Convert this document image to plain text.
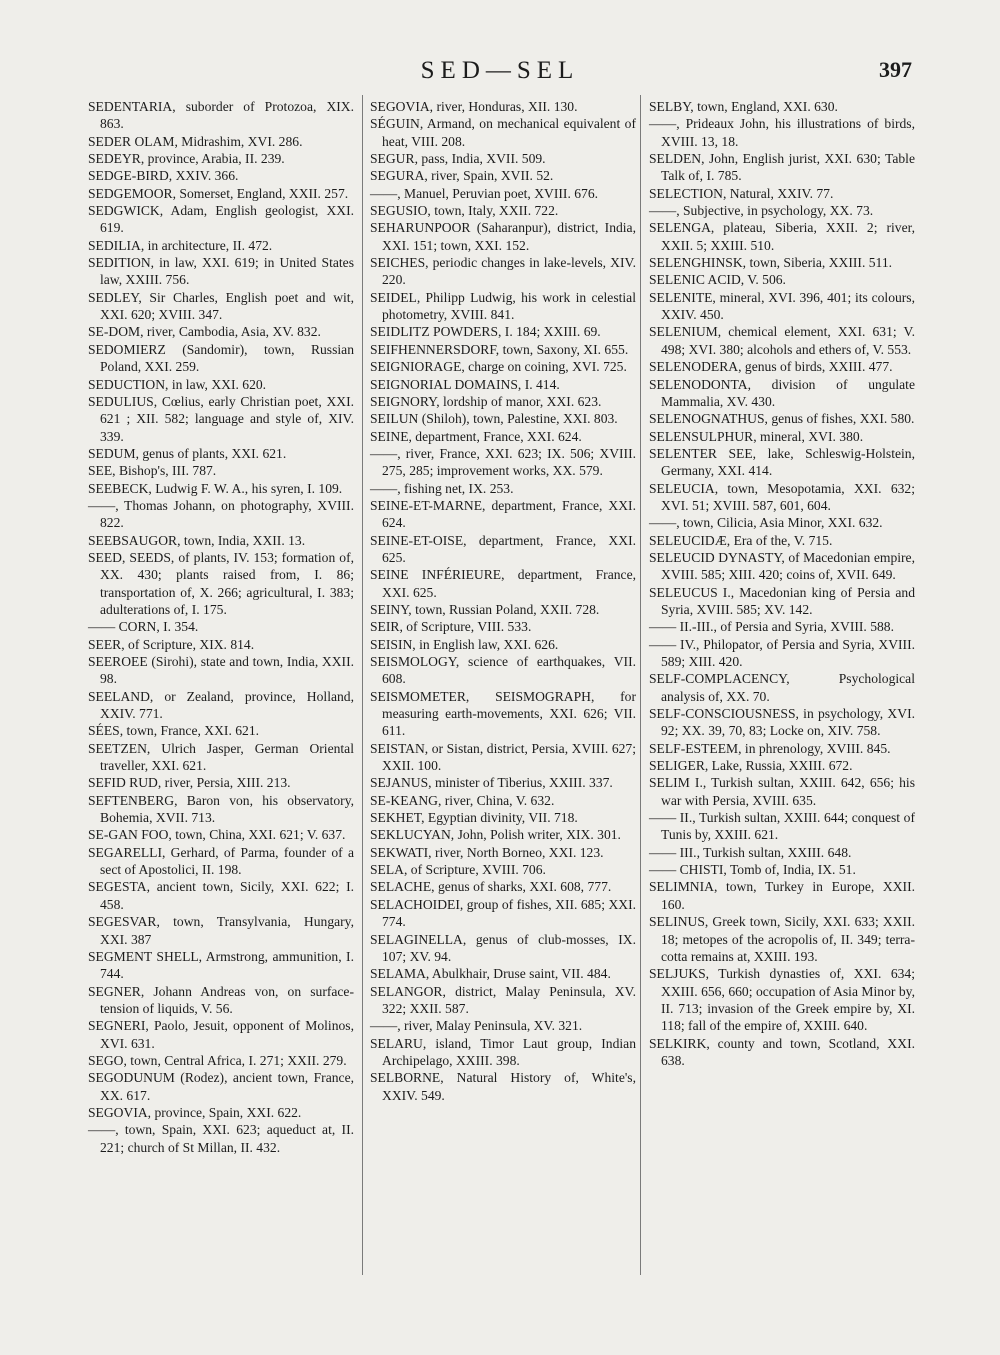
SED—SEL	397

SEDENTARIA, suborder of Protozoa, XIX. 863.

SEDER OLAM, Midrashim, XVI. 286.

SEDEYR, province, Arabia, II. 239.

SEDGE-BIRD, XXIV. 366.

SEDGEMOOR, Somerset, England, XXII. 257.

SEDGWICK, Adam, English geologist, XXI. 619.

SEDILIA, in architecture, II. 472.

SEDITION, in law, XXI. 619; in United States law, XXIII. 756.

SEDLEY, Sir Charles, English poet and wit, XXI. 620; XVIII. 347.

SE-DOM, river, Cambodia, Asia, XV. 832.

SEDOMIERZ (Sandomir), town, Russian Poland, XXI. 259.

SEDUCTION, in law, XXI. 620.

SEDULIUS, Cœlius, early Christian poet, XXI. 621 ; XII. 582; language and style of, XIV. 339.

SEDUM, genus of plants, XXI. 621.

SEE, Bishop's, III. 787.

SEEBECK, Ludwig F. W. A., his syren, I. 109.

——, Thomas Johann, on photography, XVIII. 822.

SEEBSAUGOR, town, India, XXII. 13.

SEED, SEEDS, of plants, IV. 153; formation of, XX. 430; plants raised from, I. 86; transportation of, X. 266; agricultural, I. 383; adulterations of, I. 175.

—— CORN, I. 354.

SEER, of Scripture, XIX. 814.

SEEROEE (Sirohi), state and town, India, XXII. 98.

SEELAND, or Zealand, province, Holland, XXIV. 771.

SÉES, town, France, XXI. 621.

SEETZEN, Ulrich Jasper, German Oriental traveller, XXI. 621.

SEFID RUD, river, Persia, XIII. 213.

SEFTENBERG, Baron von, his observatory, Bohemia, XVII. 713.

SE-GAN FOO, town, China, XXI. 621; V. 637.

SEGARELLI, Gerhard, of Parma, founder of a sect of Apostolici, II. 198.

SEGESTA, ancient town, Sicily, XXI. 622; I. 458.

SEGESVAR, town, Transylvania, Hungary, XXI. 387

SEGMENT SHELL, Armstrong, ammunition, I. 744.

SEGNER, Johann Andreas von, on surface-tension of liquids, V. 56.

SEGNERI, Paolo, Jesuit, opponent of Molinos, XVI. 631.

SEGO, town, Central Africa, I. 271; XXII. 279.

SEGODUNUM (Rodez), ancient town, France, XX. 617.

SEGOVIA, province, Spain, XXI. 622.

——, town, Spain, XXI. 623; aqueduct at, II. 221; church of St Millan, II. 432.

SEGOVIA, river, Honduras, XII. 130.

SÉGUIN, Armand, on mechanical equivalent of heat, VIII. 208.

SEGUR, pass, India, XVII. 509.

SEGURA, river, Spain, XVII. 52.

——, Manuel, Peruvian poet, XVIII. 676.

SEGUSIO, town, Italy, XXII. 722.

SEHARUNPOOR (Saharanpur), district, India, XXI. 151; town, XXI. 152.

SEICHES, periodic changes in lake-levels, XIV. 220.

SEIDEL, Philipp Ludwig, his work in celestial photometry, XVIII. 841.

SEIDLITZ POWDERS, I. 184; XXIII. 69.

SEIFHENNERSDORF, town, Saxony, XI. 655.

SEIGNIORAGE, charge on coining, XVI. 725.

SEIGNORIAL DOMAINS, I. 414.

SEIGNORY, lordship of manor, XXI. 623.

SEILUN (Shiloh), town, Palestine, XXI. 803.

SEINE, department, France, XXI. 624.

——, river, France, XXI. 623; IX. 506; XVIII. 275, 285; improvement works, XX. 579.

——, fishing net, IX. 253.

SEINE-ET-MARNE, department, France, XXI. 624.

SEINE-ET-OISE, department, France, XXI. 625.

SEINE INFÉRIEURE, department, France, XXI. 625.

SEINY, town, Russian Poland, XXII. 728.

SEIR, of Scripture, VIII. 533.

SEISIN, in English law, XXI. 626.

SEISMOLOGY, science of earthquakes, VII. 608.

SEISMOMETER, SEISMOGRAPH, for measuring earth-movements, XXI. 626; VII. 611.

SEISTAN, or Sistan, district, Persia, XVIII. 627; XXII. 100.

SEJANUS, minister of Tiberius, XXIII. 337.

SE-KEANG, river, China, V. 632.

SEKHET, Egyptian divinity, VII. 718.

SEKLUCYAN, John, Polish writer, XIX. 301.

SEKWATI, river, North Borneo, XXI. 123.

SELA, of Scripture, XVIII. 706.

SELACHE, genus of sharks, XXI. 608, 777.

SELACHOIDEI, group of fishes, XII. 685; XXI. 774.

SELAGINELLA, genus of club-mosses, IX. 107; XV. 94.

SELAMA, Abulkhair, Druse saint, VII. 484.

SELANGOR, district, Malay Peninsula, XV. 322; XXII. 587.

——, river, Malay Peninsula, XV. 321.

SELARU, island, Timor Laut group, Indian Archipelago, XXIII. 398.

SELBORNE, Natural History of, White's, XXIV. 549.

SELBY, town, England, XXI. 630.

——, Prideaux John, his illustrations of birds, XVIII. 13, 18.

SELDEN, John, English jurist, XXI. 630; Table Talk of, I. 785.

SELECTION, Natural, XXIV. 77.

——, Subjective, in psychology, XX. 73.

SELENGA, plateau, Siberia, XXII. 2; river, XXII. 5; XXIII. 510.

SELENGHINSK, town, Siberia, XXIII. 511.

SELENIC ACID, V. 506.

SELENITE, mineral, XVI. 396, 401; its colours, XXIV. 450.

SELENIUM, chemical element, XXI. 631; V. 498; XVI. 380; alcohols and ethers of, V. 553.

SELENODERA, genus of birds, XXIII. 477.

SELENODONTA, division of ungulate Mammalia, XV. 430.

SELENOGNATHUS, genus of fishes, XXI. 580.

SELENSULPHUR, mineral, XVI. 380.

SELENTER SEE, lake, Schleswig-Holstein, Germany, XXI. 414.

SELEUCIA, town, Mesopotamia, XXI. 632; XVI. 51; XVIII. 587, 601, 604.

——, town, Cilicia, Asia Minor, XXI. 632.

SELEUCIDÆ, Era of the, V. 715.

SELEUCID DYNASTY, of Macedonian empire, XVIII. 585; XIII. 420; coins of, XVII. 649.

SELEUCUS I., Macedonian king of Persia and Syria, XVIII. 585; XV. 142.

—— II.-III., of Persia and Syria, XVIII. 588.

—— IV., Philopator, of Persia and Syria, XVIII. 589; XIII. 420.

SELF-COMPLACENCY, Psychological analysis of, XX. 70.

SELF-CONSCIOUSNESS, in psychology, XVI. 92; XX. 39, 70, 83; Locke on, XIV. 758.

SELF-ESTEEM, in phrenology, XVIII. 845.

SELIGER, Lake, Russia, XXIII. 672.

SELIM I., Turkish sultan, XXIII. 642, 656; his war with Persia, XVIII. 635.

—— II., Turkish sultan, XXIII. 644; conquest of Tunis by, XXIII. 621.

—— III., Turkish sultan, XXIII. 648.

—— CHISTI, Tomb of, India, IX. 51.

SELIMNIA, town, Turkey in Europe, XXII. 160.

SELINUS, Greek town, Sicily, XXI. 633; XXII. 18; metopes of the acropolis of, II. 349; terra-cotta remains at, XXIII. 193.

SELJUKS, Turkish dynasties of, XXI. 634; XXIII. 656, 660; occupation of Asia Minor by, II. 713; invasion of the Greek empire by, XI. 118; fall of the empire of, XXIII. 640.

SELKIRK, county and town, Scotland, XXI. 638.
